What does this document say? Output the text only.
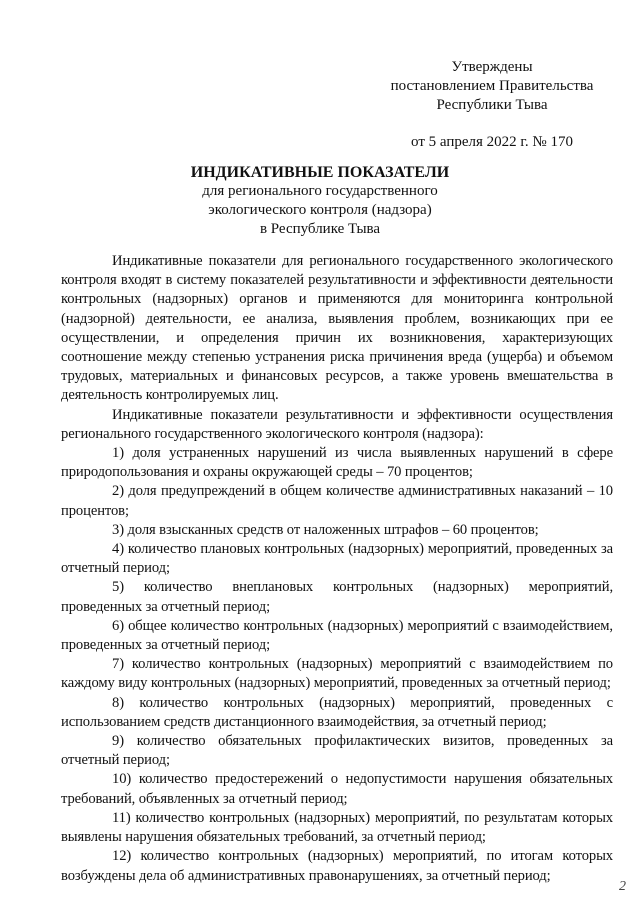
Утверждены
постановлением Правительства
Республики Тыва
от 5 апреля 2022 г. № 170
ИНДИКАТИВНЫЕ ПОКАЗАТЕЛИ
для регионального государственного
экологического контроля (надзора)
в Республике Тыва

Индикативные показатели для регионального государственного экологического контроля входят в систему показателей результативности и эффективности деятельности контрольных (надзорных) органов и применяются для мониторинга контрольной (надзорной) деятельности, ее анализа, выявления проблем, возникающих при ее осуществлении, и определения причин их возникновения, характеризующих соотношение между степенью устранения риска причинения вреда (ущерба) и объемом трудовых, материальных и финансовых ресурсов, а также уровень вмешательства в деятельность контролируемых лиц.

Индикативные показатели результативности и эффективности осуществления регионального государственного экологического контроля (надзора):

1) доля устраненных нарушений из числа выявленных нарушений в сфере природопользования и охраны окружающей среды – 70 процентов;

2) доля предупреждений в общем количестве административных наказаний – 10 процентов;

3) доля взысканных средств от наложенных штрафов – 60 процентов;

4) количество плановых контрольных (надзорных) мероприятий, проведенных за отчетный период;

5) количество внеплановых контрольных (надзорных) мероприятий, проведенных за отчетный период;

6) общее количество контрольных (надзорных) мероприятий с взаимодействием, проведенных за отчетный период;

7) количество контрольных (надзорных) мероприятий с взаимодействием по каждому виду контрольных (надзорных) мероприятий, проведенных за отчетный период;

8) количество контрольных (надзорных) мероприятий, проведенных с использованием средств дистанционного взаимодействия, за отчетный период;

9) количество обязательных профилактических визитов, проведенных за отчетный период;

10) количество предостережений о недопустимости нарушения обязательных требований, объявленных за отчетный период;

11) количество контрольных (надзорных) мероприятий, по результатам которых выявлены нарушения обязательных требований, за отчетный период;

12) количество контрольных (надзорных) мероприятий, по итогам которых возбуждены дела об административных правонарушениях, за отчетный период;

2
